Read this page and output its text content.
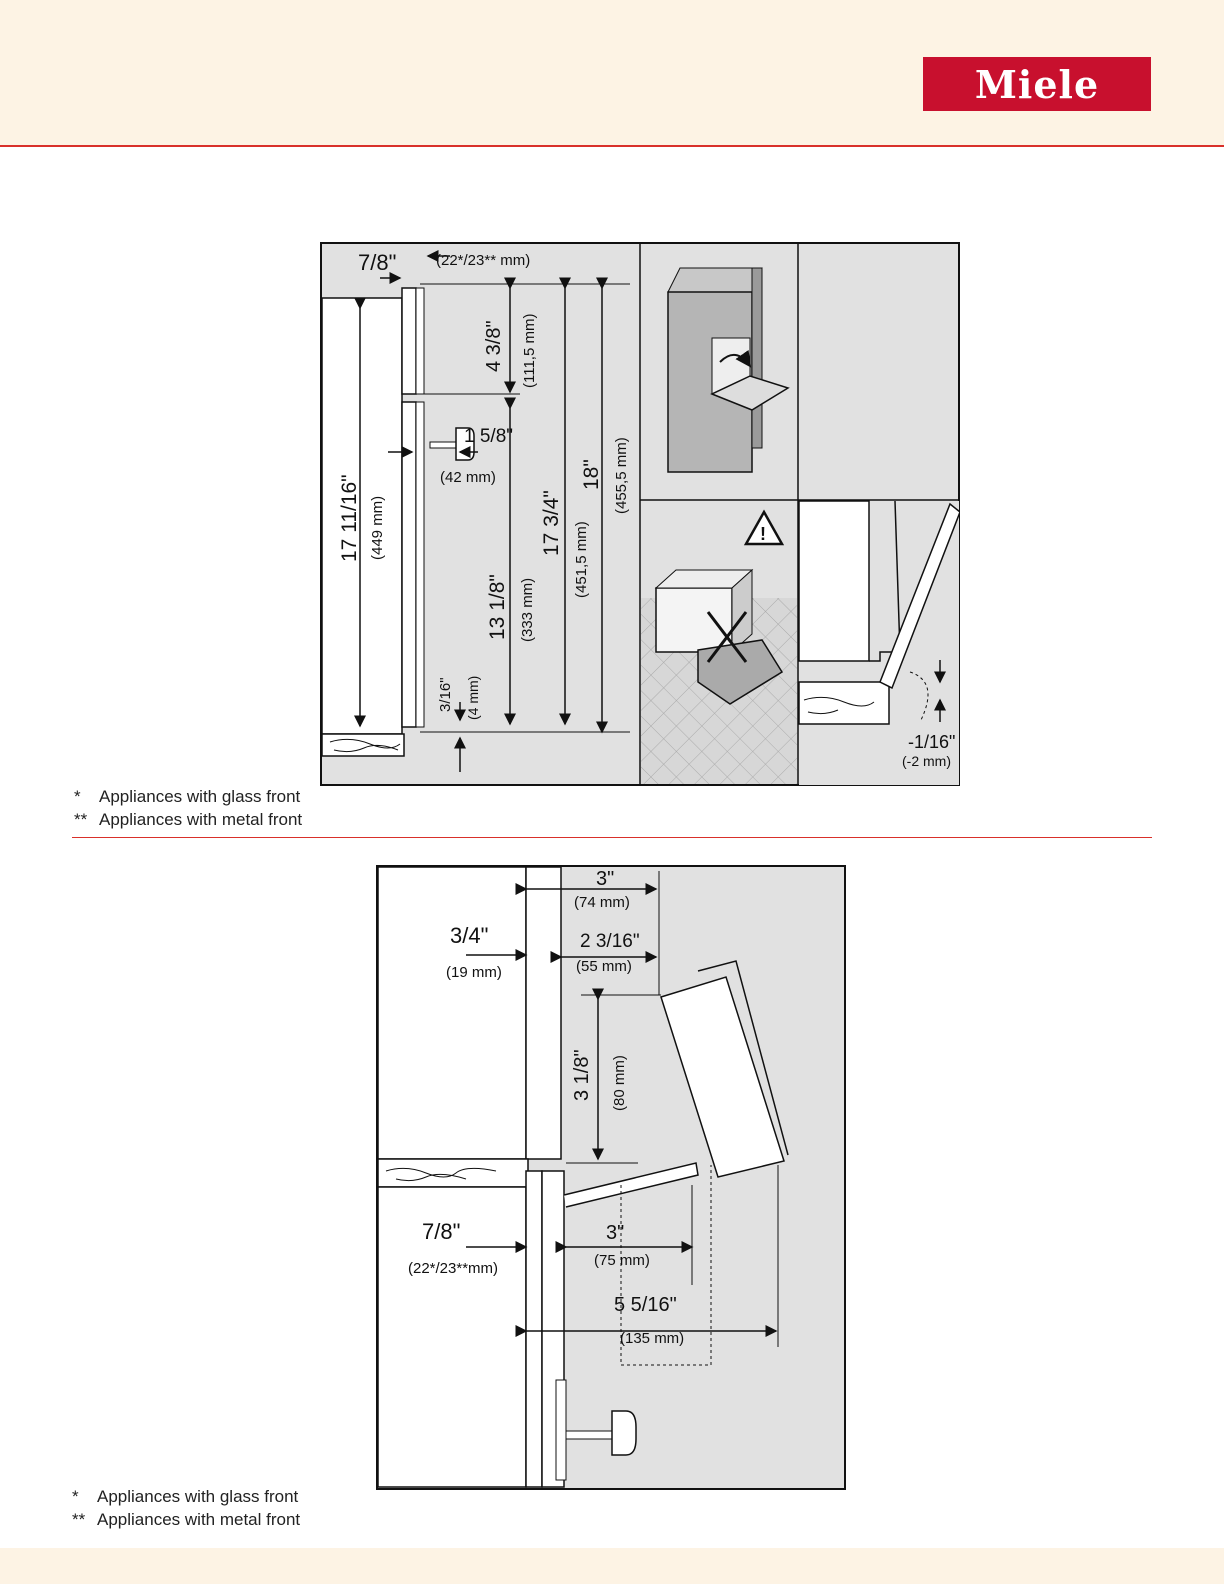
Miele
7/8"	(22*/23** mm)
4 3/8" (111,5 mm)
1 5/8"
(42 mm)
17 11/16" (449 mm)
13 1/8" (333 mm)
17 3/4" (451,5 mm)
18" (455,5 mm)
3/16" (4 mm)
!
-1/16"
(-2 mm)
* Appliances with glass front
** Appliances with metal front
3"
(74 mm)
3/4"
(19 mm)
2 3/16"
(55 mm)
3 1/8" (80 mm)
7/8"
(22*/23**mm)
3"
(75 mm)
5 5/16"
(135 mm)
* Appliances with glass front
** Appliances with metal front
